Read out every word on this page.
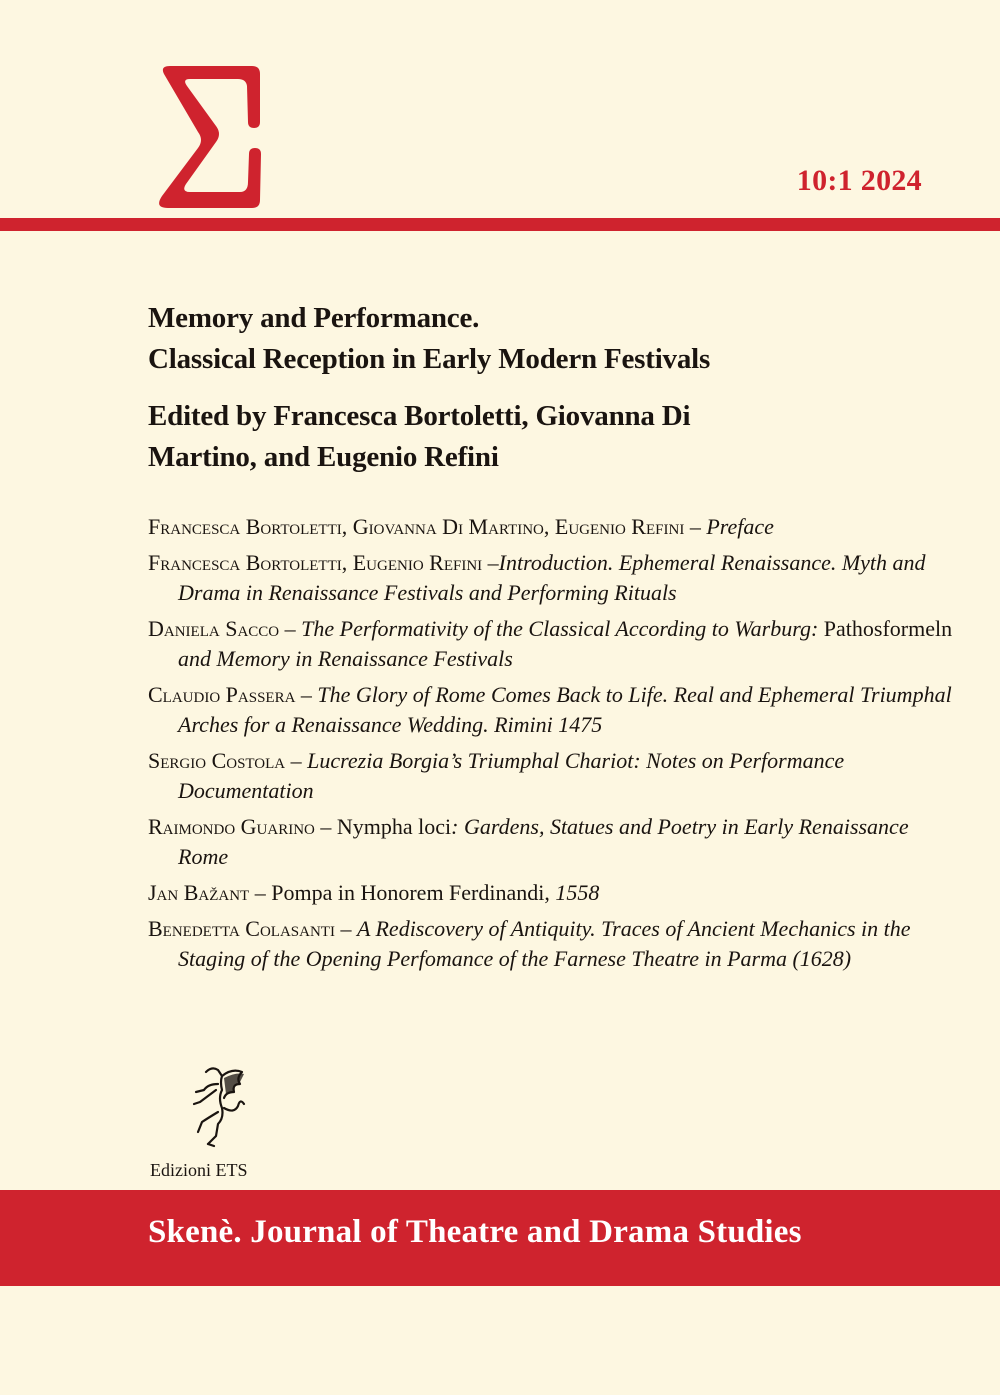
10:1 2024
Memory and Performance.
Classical Reception in Early Modern Festivals
Edited by Francesca Bortoletti, Giovanna Di
Martino, and Eugenio Refini
Francesca Bortoletti, Giovanna Di Martino, Eugenio Refini – Preface
Francesca Bortoletti, Eugenio Refini –Introduction. Ephemeral Renaissance. Myth and Drama in Renaissance Festivals and Performing Rituals
Daniela Sacco – The Performativity of the Classical According to Warburg: Pathosformeln and Memory in Renaissance Festivals
Claudio Passera – The Glory of Rome Comes Back to Life. Real and Ephemeral Triumphal Arches for a Renaissance Wedding. Rimini 1475
Sergio Costola – Lucrezia Borgia’s Triumphal Chariot: Notes on Performance Documentation
Raimondo Guarino – Nympha loci: Gardens, Statues and Poetry in Early Renaissance Rome
Jan Bažant – Pompa in Honorem Ferdinandi, 1558
Benedetta Colasanti – A Rediscovery of Antiquity. Traces of Ancient Mechanics in the Staging of the Opening Perfomance of the Farnese Theatre in Parma (1628)
Edizioni ETS
Skenè. Journal of Theatre and Drama Studies
